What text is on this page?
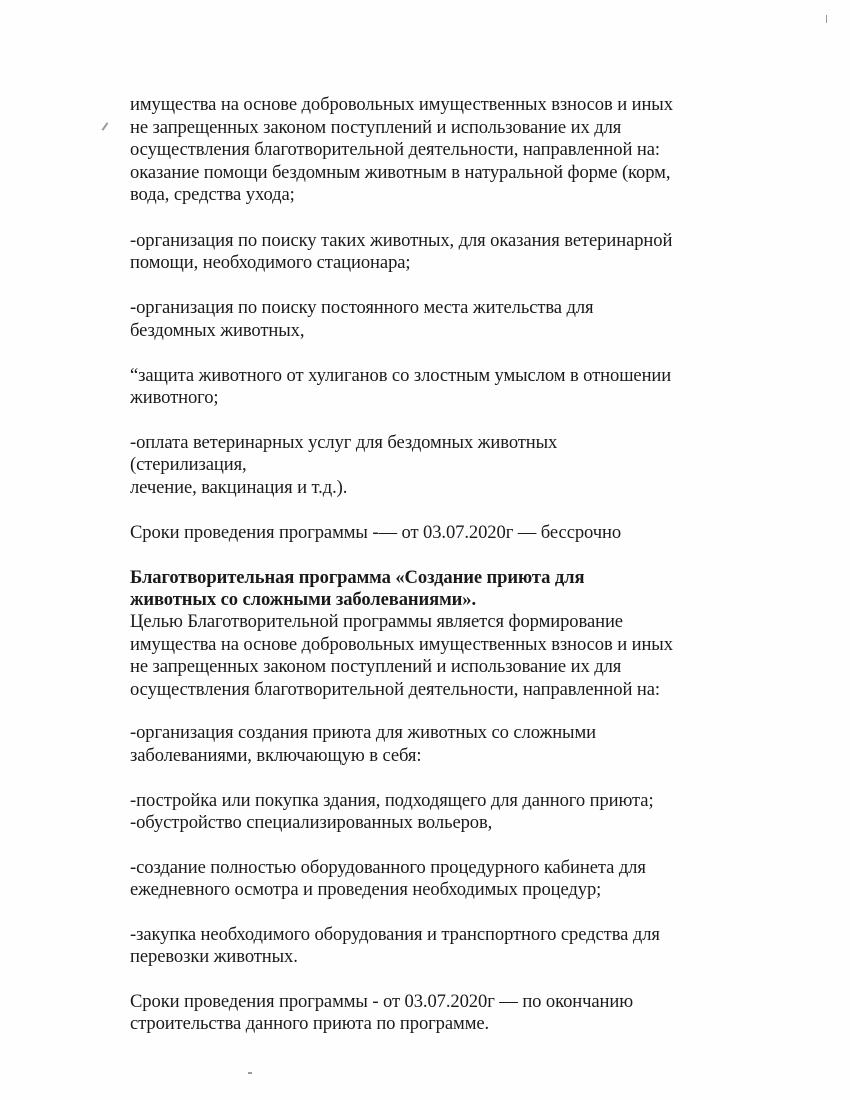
имущества на основе добровольных имущественных взносов и иных
не запрещенных законом поступлений и использование их для
осуществления благотворительной деятельности, направленной на:
оказание помощи бездомным животным в натуральной форме (корм,
вода, средства ухода;
-организация по поиску таких животных, для оказания ветеринарной
помощи, необходимого стационара;
-организация по поиску постоянного места жительства для
бездомных животных,
“защита животного от хулиганов со злостным умыслом в отношении
животного;
-оплата ветеринарных услуг для бездомных животных
(стерилизация,
лечение, вакцинация и т.д.).
Сроки проведения программы -— от 03.07.2020г — бессрочно
Благотворительная программа «Создание приюта для
животных со сложными заболеваниями».
Целью Благотворительной программы является формирование
имущества на основе добровольных имущественных взносов и иных
не запрещенных законом поступлений и использование их для
осуществления благотворительной деятельности, направленной на:
-организация создания приюта для животных со сложными
заболеваниями, включающую в себя:
-постройка или покупка здания, подходящего для данного приюта;
-обустройство специализированных вольеров,
-создание полностью оборудованного процедурного кабинета для
ежедневного осмотра и проведения необходимых процедур;
-закупка необходимого оборудования и транспортного средства для
перевозки животных.
Сроки проведения программы - от 03.07.2020г — по окончанию
строительства данного приюта по программе.
